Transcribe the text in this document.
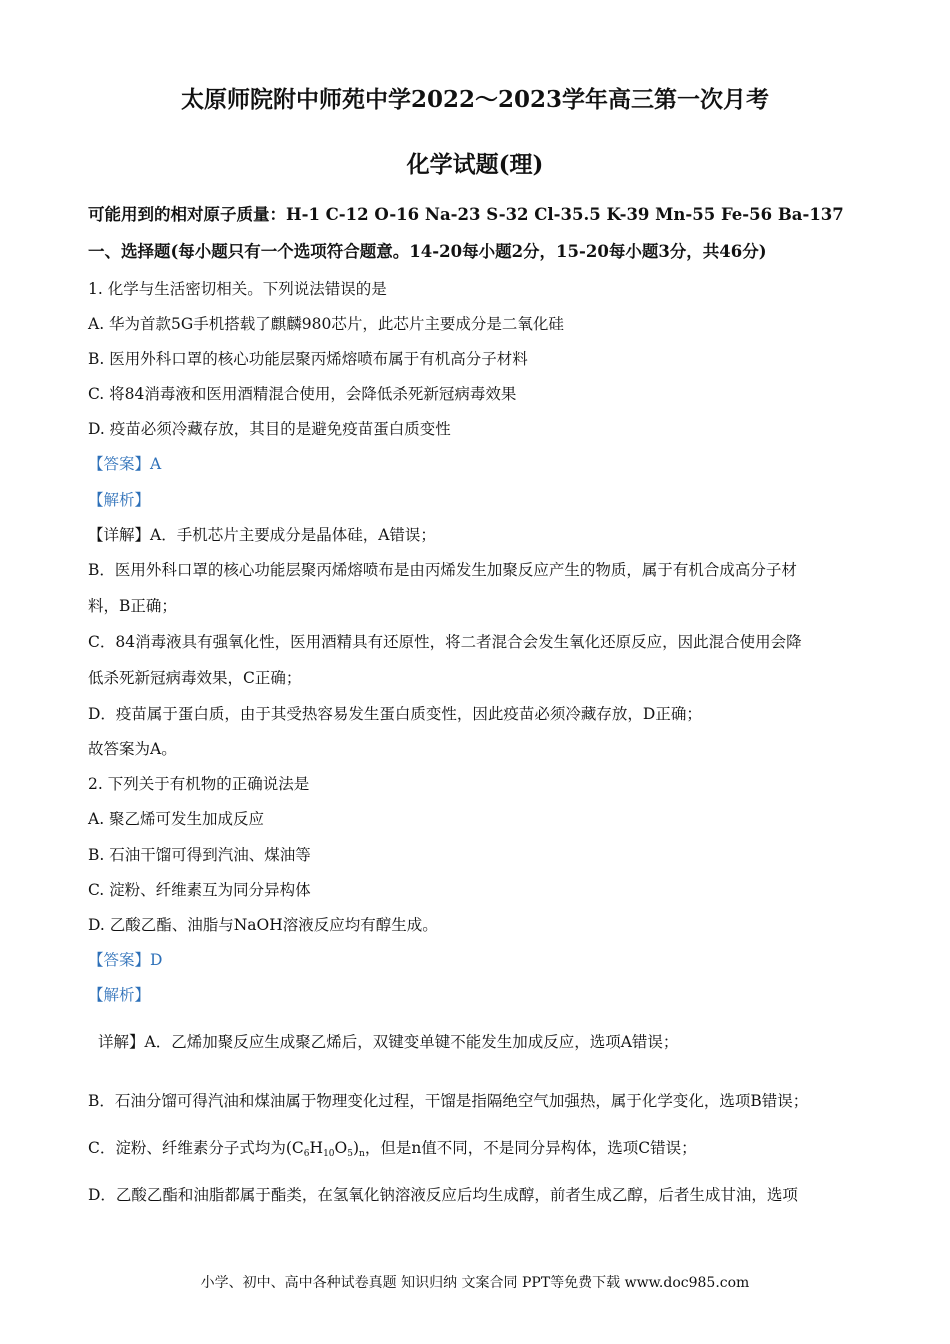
太原师院附中师苑中学2022～2023学年高三第一次月考
化学试题(理)
可能用到的相对原子质量：H-1 C-12 O-16 Na-23 S-32 Cl-35.5 K-39 Mn-55 Fe-56 Ba-137
一、选择题(每小题只有一个选项符合题意。14-20每小题2分，15-20每小题3分，共46分)
1. 化学与生活密切相关。下列说法错误的是
A. 华为首款5G手机搭载了麒麟980芯片，此芯片主要成分是二氧化硅
B. 医用外科口罩的核心功能层聚丙烯熔喷布属于有机高分子材料
C. 将84消毒液和医用酒精混合使用，会降低杀死新冠病毒效果
D. 疫苗必须冷藏存放，其目的是避免疫苗蛋白质变性
【答案】A
【解析】
【详解】A．手机芯片主要成分是晶体硅，A错误；
B．医用外科口罩的核心功能层聚丙烯熔喷布是由丙烯发生加聚反应产生的物质，属于有机合成高分子材
料，B正确；
C．84消毒液具有强氧化性，医用酒精具有还原性，将二者混合会发生氧化还原反应，因此混合使用会降
低杀死新冠病毒效果，C正确；
D．疫苗属于蛋白质，由于其受热容易发生蛋白质变性，因此疫苗必须冷藏存放，D正确；
故答案为A。
2. 下列关于有机物的正确说法是
A. 聚乙烯可发生加成反应
B. 石油干馏可得到汽油、煤油等
C. 淀粉、纤维素互为同分异构体
D. 乙酸乙酯、油脂与NaOH溶液反应均有醇生成。
【答案】D
【解析】
详解】A．乙烯加聚反应生成聚乙烯后，双键变单键不能发生加成反应，选项A错误；
B．石油分馏可得汽油和煤油属于物理变化过程，干馏是指隔绝空气加强热，属于化学变化，选项B错误；
C．淀粉、纤维素分子式均为$(C_6H_{10}O_5)_n$，但是n值不同，不是同分异构体，选项C错误；
D．乙酸乙酯和油脂都属于酯类，在氢氧化钠溶液反应后均生成醇，前者生成乙醇，后者生成甘油，选项
小学、初中、高中各种试卷真题 知识归纳 文案合同 PPT等免费下载 www.doc985.com
